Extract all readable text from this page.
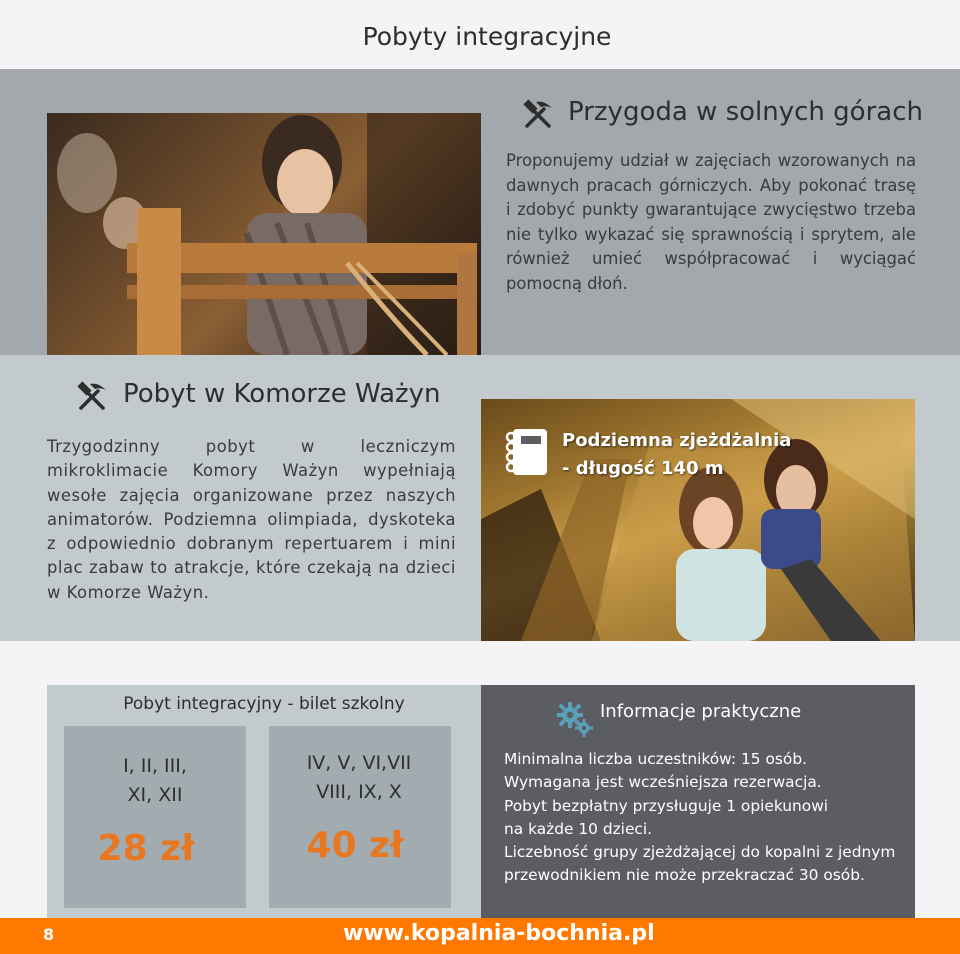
Pobyty integracyjne
Przygoda w solnych górach
Proponujemy udział w zajęciach wzorowanych na dawnych pracach górniczych. Aby pokonać trasę i zdobyć punkty gwarantujące zwycięstwo trzeba nie tylko wykazać się sprawnością i sprytem, ale również umieć współpracować i wyciągać pomocną dłoń.
Pobyt w Komorze Ważyn
Trzygodzinny pobyt w leczniczym mikroklimacie Komory Ważyn wypełniają wesołe zajęcia organizowane przez naszych animatorów. Podziemna olimpiada, dyskoteka z odpowiednio dobranym repertuarem i mini plac zabaw to atrakcje, które czekają na dzieci w Komorze Ważyn.
Podziemna zjeżdżalnia
- długość 140 m
Pobyt integracyjny - bilet szkolny
I, II, III,
XI, XII
28 zł
IV, V, VI,VII
VIII, IX, X
40 zł
Informacje praktyczne
Minimalna liczba uczestników: 15 osób.
Wymagana jest wcześniejsza rezerwacja.
Pobyt bezpłatny przysługuje 1 opiekunowi
na każde 10 dzieci.
Liczebność grupy zjeżdżającej do kopalni z jednym
przewodnikiem nie może przekraczać 30 osób.
8	www.kopalnia-bochnia.pl
